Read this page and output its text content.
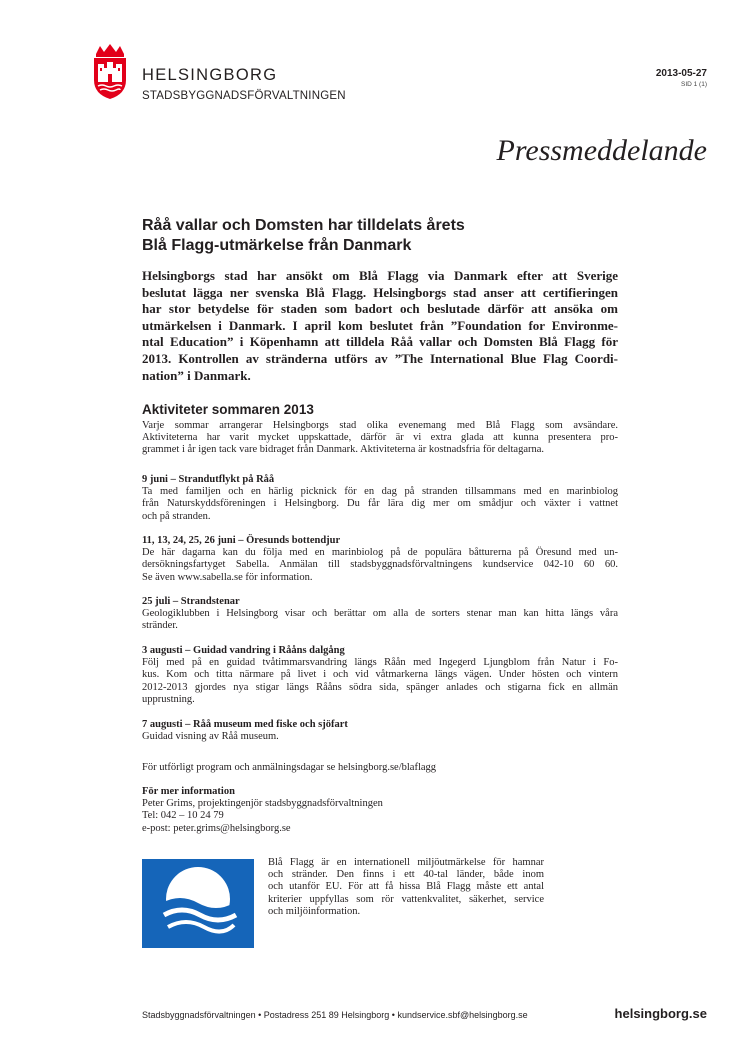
HELSINGBORG
STADSBYGGNADSFÖRVALTNINGEN
2013-05-27
SID 1 (1)
Pressmeddelande
Råå vallar och Domsten har tilldelats årets
Blå Flagg-utmärkelse från Danmark
Helsingborgs stad har ansökt om Blå Flagg via Danmark efter att Sverige
beslutat lägga ner svenska Blå Flagg. Helsingborgs stad anser att certifieringen
har stor betydelse för staden som badort och beslutade därför att ansöka om
utmärkelsen i Danmark. I april kom beslutet från ”Foundation for Environme-
ntal Education” i Köpenhamn att tilldela Råå vallar och Domsten Blå Flagg för
2013. Kontrollen av stränderna utförs av ”The International Blue Flag Coordi-
nation” i Danmark.
Aktiviteter sommaren 2013
Varje sommar arrangerar Helsingborgs stad olika evenemang med Blå Flagg som avsändare.
Aktiviteterna har varit mycket uppskattade, därför är vi extra glada att kunna presentera pro-
grammet i år igen tack vare bidraget från Danmark. Aktiviteterna är kostnadsfria för deltagarna.
9 juni – Strandutflykt på Råå
Ta med familjen och en härlig picknick för en dag på stranden tillsammans med en marinbiolog
från Naturskyddsföreningen i Helsingborg. Du får lära dig mer om smådjur och växter i vattnet
och på stranden.
11, 13, 24, 25, 26 juni – Öresunds bottendjur
De här dagarna kan du följa med en marinbiolog på de populära båtturerna på Öresund med un-
dersökningsfartyget Sabella. Anmälan till stadsbyggnadsförvaltningens kundservice 042-10 60 60.
Se även www.sabella.se för information.
25 juli – Strandstenar
Geologiklubben i Helsingborg visar och berättar om alla de sorters stenar man kan hitta längs våra
stränder.
3 augusti – Guidad vandring i Rååns dalgång
Följ med på en guidad tvåtimmarsvandring längs Råån med Ingegerd Ljungblom från Natur i Fo-
kus. Kom och titta närmare på livet i och vid våtmarkerna längs vägen. Under hösten och vintern
2012-2013 gjordes nya stigar längs Rååns södra sida, spänger anlades och stigarna fick en allmän
upprustning.
7 augusti – Råå museum med fiske och sjöfart
Guidad visning av Råå museum.
För utförligt program och anmälningsdagar se helsingborg.se/blaflagg
För mer information
Peter Grims, projektingenjör stadsbyggnadsförvaltningen
Tel: 042 – 10 24 79
e-post: peter.grims@helsingborg.se
Blå Flagg är en internationell miljöutmärkelse för hamnar
och stränder. Den finns i ett 40-tal länder, både inom
och utanför EU. För att få hissa Blå Flagg måste ett antal
kriterier uppfyllas som rör vattenkvalitet, säkerhet, service
och miljöinformation.
Stadsbyggnadsförvaltningen • Postadress 251 89 Helsingborg • kundservice.sbf@helsingborg.se	helsingborg.se
